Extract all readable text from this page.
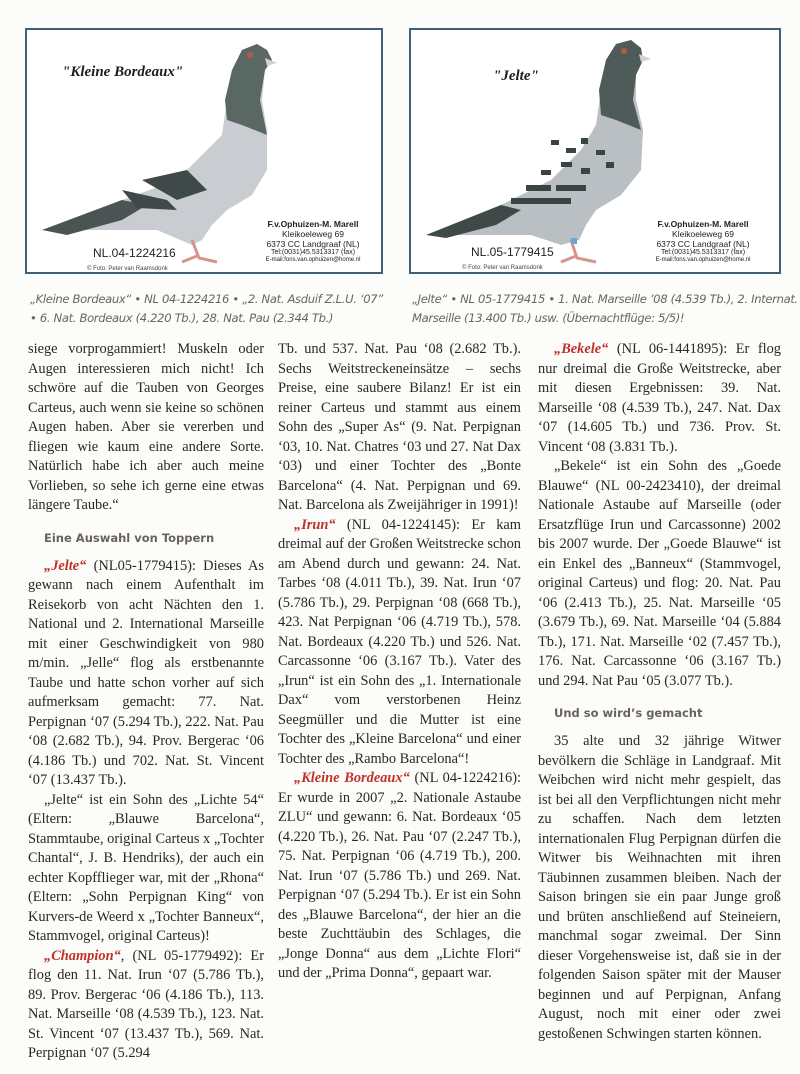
"Kleine Bordeaux"
NL.04-1224216
© Foto: Peter van Raamsdonk
F.v.Ophuizen-M. Marell
Kleikoeleweg 69
6373 CC Landgraaf (NL)
Tel:(0031)45.5313317 (fax)
E-mail:fons.van.ophuizen@home.nl
"Jelte"
NL.05-1779415
© Foto: Peter van Raamsdonk
F.v.Ophuizen-M. Marell
Kleikoeleweg 69
6373 CC Landgraaf (NL)
Tel:(0031)45.5313317 (fax)
E-mail:fons.van.ophuizen@home.nl
„Kleine Bordeaux“ • NL 04-1224216 • „2. Nat. Asduif Z.L.U. ‘07” • 6. Nat. Bordeaux (4.220 Tb.), 28. Nat. Pau (2.344 Tb.)
„Jelte“ • NL 05-1779415 • 1. Nat. Marseille ’08 (4.539 Tb.), 2. Internat. Marseille (13.400 Tb.) usw. (Übernachtflüge: 5/5)!

siege vorprogammiert! Muskeln oder Augen interessieren mich nicht! Ich schwöre auf die Tauben von Georges Carteus, auch wenn sie keine so schönen Augen haben. Aber sie vererben und fliegen wie kaum eine andere Sorte. Natürlich habe ich aber auch meine Vorlieben, so sehe ich gerne eine etwas längere Taube.“

Eine Auswahl von Toppern

„Jelte“ (NL05-1779415): Dieses As gewann nach einem Aufenthalt im Reisekorb von acht Nächten den 1. National und 2. International Marseille mit einer Geschwindigkeit von 980 m/min. „Jelle“ flog als erstbenannte Taube und hatte schon vorher auf sich aufmerksam gemacht: 77. Nat. Perpignan ‘07 (5.294 Tb.), 222. Nat. Pau ‘08 (2.682 Tb.), 94. Prov. Bergerac ‘06 (4.186 Tb.) und 702. Nat. St. Vincent ‘07 (13.437 Tb.).

„Jelte“ ist ein Sohn des „Lichte 54“ (Eltern: „Blauwe Barcelona“, Stammtaube, original Carteus x „Tochter Chantal“, J. B. Hendriks), der auch ein echter Kopfflieger war, mit der „Rhona“ (Eltern: „Sohn Perpignan King“ von Kurvers-de Weerd x „Tochter Banneux“, Stammvogel, original Carteus)!

„Champion“, (NL 05-1779492): Er flog den 11. Nat. Irun ‘07 (5.786 Tb.), 89. Prov. Bergerac ‘06 (4.186 Tb.), 113. Nat. Marseille ‘08 (4.539 Tb.), 123. Nat. St. Vincent ‘07 (13.437 Tb.), 569. Nat. Perpignan ‘07 (5.294

Tb. und 537. Nat. Pau ‘08 (2.682 Tb.). Sechs Weitstreckeneinsätze – sechs Preise, eine saubere Bilanz! Er ist ein reiner Carteus und stammt aus einem Sohn des „Super As“ (9. Nat. Perpignan ‘03, 10. Nat. Chatres ‘03 und 27. Nat Dax ‘03) und einer Tochter des „Bonte Barcelona“ (4. Nat. Perpignan und 69. Nat. Barcelona als Zweijähriger in 1991)!

„Irun“ (NL 04-1224145): Er kam dreimal auf der Großen Weitstrecke schon am Abend durch und gewann: 24. Nat. Tarbes ‘08 (4.011 Tb.), 39. Nat. Irun ‘07 (5.786 Tb.), 29. Perpignan ‘08 (668 Tb.), 423. Nat Perpignan ‘06 (4.719 Tb.), 578. Nat. Bordeaux (4.220 Tb.) und 526. Nat. Carcassonne ‘06 (3.167 Tb.). Vater des „Irun“ ist ein Sohn des „1. Internationale Dax“ vom verstorbenen Heinz Seegmüller und die Mutter ist eine Tochter des „Kleine Barcelona“ und einer Tochter des „Rambo Barcelona“!

„Kleine Bordeaux“ (NL 04-1224216): Er wurde in 2007 „2. Nationale Astaube ZLU“ und gewann: 6. Nat. Bordeaux ‘05 (4.220 Tb.), 26. Nat. Pau ‘07 (2.247 Tb.), 75. Nat. Perpignan ‘06 (4.719 Tb.), 200. Nat. Irun ‘07 (5.786 Tb.) und 269. Nat. Perpignan ‘07 (5.294 Tb.). Er ist ein Sohn des „Blauwe Barcelona“, der hier an die beste Zuchttäubin des Schlages, die „Jonge Donna“ aus dem „Lichte Flori“ und der „Prima Donna“, gepaart war.

„Bekele“ (NL 06-1441895): Er flog nur dreimal die Große Weitstrecke, aber mit diesen Ergebnissen: 39. Nat. Marseille ‘08 (4.539 Tb.), 247. Nat. Dax ‘07 (14.605 Tb.) und 736. Prov. St. Vincent ‘08 (3.831 Tb.).

„Bekele“ ist ein Sohn des „Goede Blauwe“ (NL 00-2423410), der dreimal Nationale Astaube auf Marseille (oder Ersatzflüge Irun und Carcassonne) 2002 bis 2007 wurde. Der „Goede Blauwe“ ist ein Enkel des „Banneux“ (Stammvogel, original Carteus) und flog: 20. Nat. Pau ‘06 (2.413 Tb.), 25. Nat. Marseille ‘05 (3.679 Tb.), 69. Nat. Marseille ‘04 (5.884 Tb.), 171. Nat. Marseille ‘02 (7.457 Tb.), 176. Nat. Carcassonne ‘06 (3.167 Tb.) und 294. Nat Pau ‘05 (3.077 Tb.).

Und so wird’s gemacht

35 alte und 32 jährige Witwer bevölkern die Schläge in Landgraaf. Mit Weibchen wird nicht mehr gespielt, das ist bei all den Verpflichtungen nicht mehr zu schaffen. Nach dem letzten internationalen Flug Perpignan dürfen die Witwer bis Weihnachten mit ihren Täubinnen zusammen bleiben. Nach der Saison bringen sie ein paar Junge groß und brüten anschließend auf Steineiern, manchmal sogar zweimal. Der Sinn dieser Vorgehensweise ist, daß sie in der folgenden Saison später mit der Mauser beginnen und auf Perpignan, Anfang August, noch mit einer oder zwei gestoßenen Schwingen starten können.
